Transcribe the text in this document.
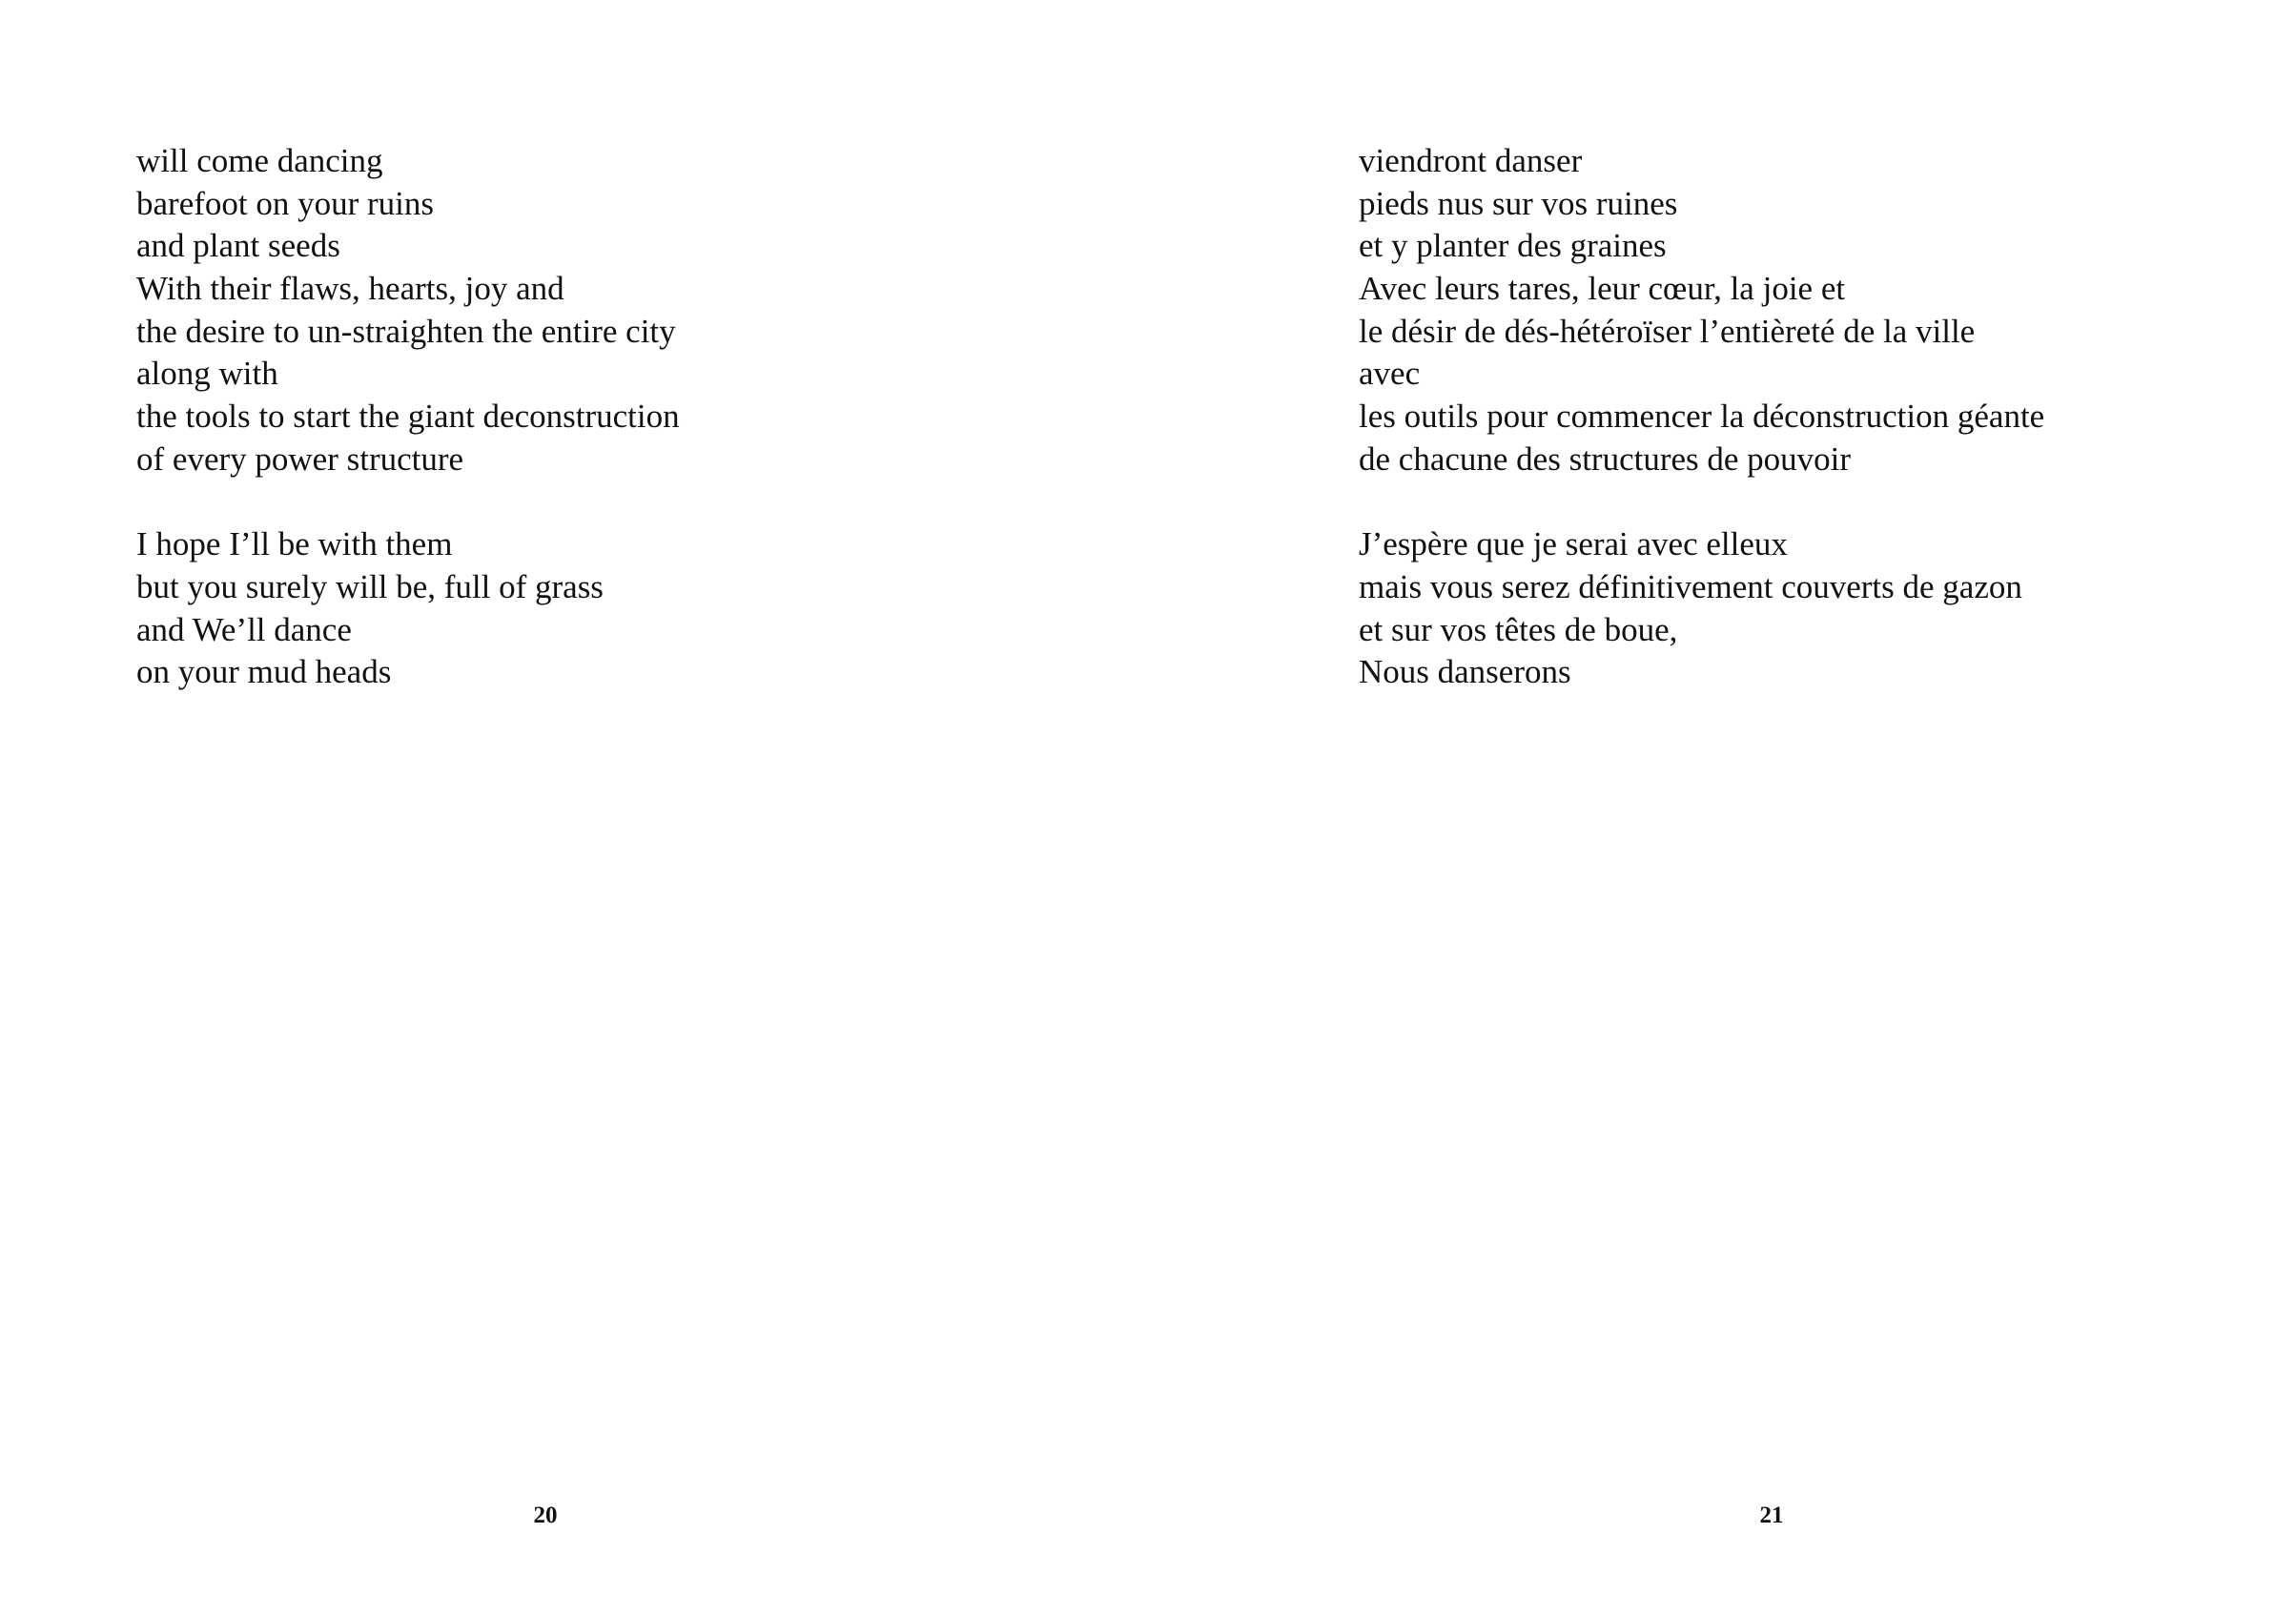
will come dancing
barefoot on your ruins
and plant seeds
With their flaws, hearts, joy and
the desire to un-straighten the entire city
along with
the tools to start the giant deconstruction
of every power structure
I hope I’ll be with them
but you surely will be, full of grass
and We’ll dance
on your mud heads
20
viendront danser
pieds nus sur vos ruines
et y planter des graines
Avec leurs tares, leur cœur, la joie et
le désir de dés-hétéroïser l’entièreté de la ville
avec
les outils pour commencer la déconstruction géante
de chacune des structures de pouvoir
J’espère que je serai avec elleux
mais vous serez définitivement couverts de gazon
et sur vos têtes de boue,
Nous danserons
21
